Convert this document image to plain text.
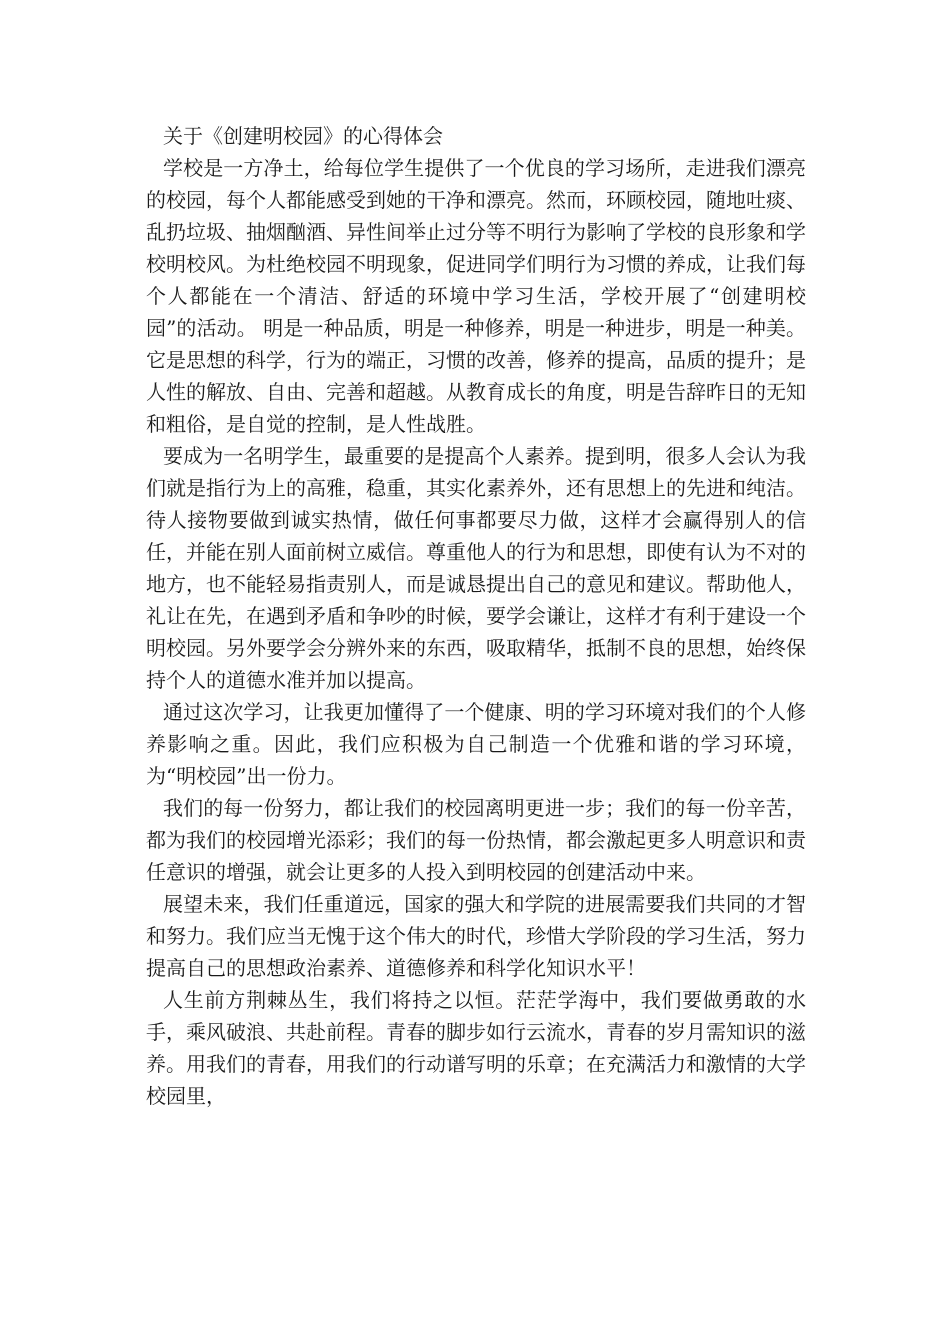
关于《创建明校园》的心得体会

学校是一方净土，给每位学生提供了一个优良的学习场所，走进我们漂亮的校园，每个人都能感受到她的干净和漂亮。然而，环顾校园，随地吐痰、乱扔垃圾、抽烟酗酒、异性间举止过分等不明行为影响了学校的良形象和学校明校风。为杜绝校园不明现象，促进同学们明行为习惯的养成，让我们每个人都能在一个清洁、舒适的环境中学习生活，学校开展了“创建明校园”的活动。 明是一种品质，明是一种修养，明是一种进步，明是一种美。 它是思想的科学，行为的端正，习惯的改善，修养的提高，品质的提升；是人性的解放、自由、完善和超越。从教育成长的角度，明是告辞昨日的无知和粗俗，是自觉的控制，是人性战胜。

要成为一名明学生，最重要的是提高个人素养。提到明，很多人会认为我们就是指行为上的高雅，稳重，其实化素养外，还有思想上的先进和纯洁。待人接物要做到诚实热情，做任何事都要尽力做，这样才会赢得别人的信任，并能在别人面前树立威信。尊重他人的行为和思想，即使有认为不对的地方，也不能轻易指责别人，而是诚恳提出自己的意见和建议。帮助他人，礼让在先，在遇到矛盾和争吵的时候，要学会谦让，这样才有利于建设一个明校园。另外要学会分辨外来的东西，吸取精华，抵制不良的思想，始终保持个人的道德水准并加以提高。

通过这次学习，让我更加懂得了一个健康、明的学习环境对我们的个人修养影响之重。因此，我们应积极为自己制造一个优雅和谐的学习环境，为“明校园”出一份力。

我们的每一份努力，都让我们的校园离明更进一步；我们的每一份辛苦，都为我们的校园增光添彩；我们的每一份热情，都会激起更多人明意识和责任意识的增强，就会让更多的人投入到明校园的创建活动中来。

展望未来，我们任重道远，国家的强大和学院的进展需要我们共同的才智和努力。我们应当无愧于这个伟大的时代，珍惜大学阶段的学习生活，努力提高自己的思想政治素养、道德修养和科学化知识水平！

人生前方荆棘丛生，我们将持之以恒。茫茫学海中，我们要做勇敢的水手，乘风破浪、共赴前程。青春的脚步如行云流水，青春的岁月需知识的滋养。用我们的青春，用我们的行动谱写明的乐章；在充满活力和激情的大学校园里，
